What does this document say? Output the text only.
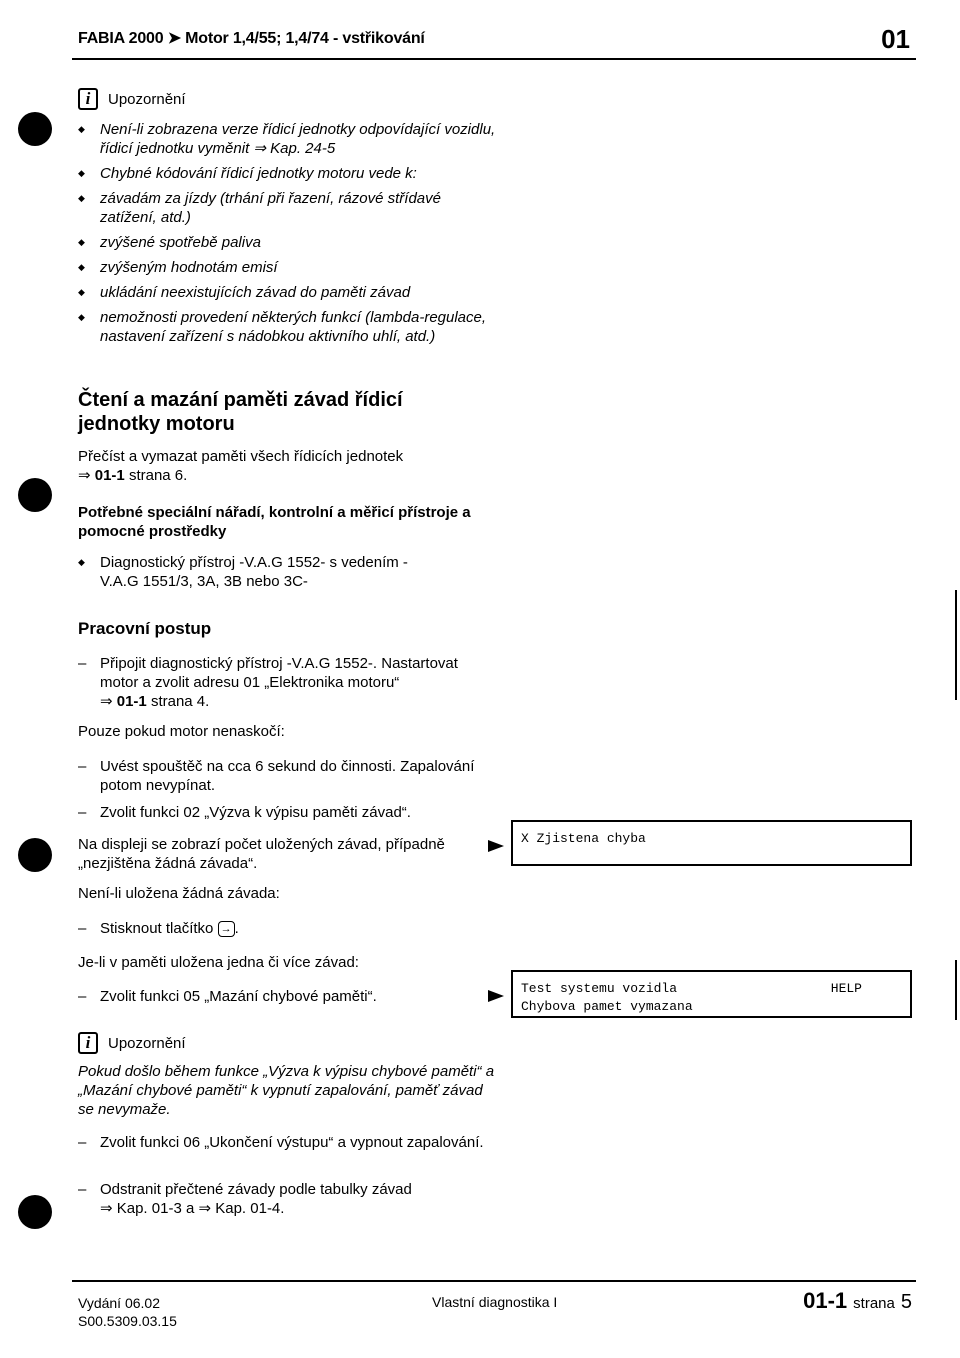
FABIA 2000 ➤ Motor 1,4/55; 1,4/74 - vstřikování	01
i	Upozornění
◆ Není-li zobrazena verze řídicí jednotky odpovídající vozidlu, řídicí jednotku vyměnit ⇒ Kap. 24-5
◆ Chybné kódování řídicí jednotky motoru vede k:
◆ závadám za jízdy (trhání při řazení, rázové střídavé zatížení, atd.)
◆ zvýšené spotřebě paliva
◆ zvýšeným hodnotám emisí
◆ ukládání neexistujících závad do paměti závad
◆ nemožnosti provedení některých funkcí (lambda-regulace, nastavení zařízení s nádobkou aktivního uhlí, atd.)
Čtení a mazání paměti závad řídicí jednotky motoru
Přečíst a vymazat paměti všech řídicích jednotek
⇒ 01-1 strana 6.
Potřebné speciální nářadí, kontrolní a měřicí přístroje a pomocné prostředky
◆ Diagnostický přístroj -V.A.G 1552- s vedením -V.A.G 1551/3, 3A, 3B nebo 3C-
Pracovní postup
– Připojit diagnostický přístroj -V.A.G 1552-. Nastartovat motor a zvolit adresu 01 „Elektronika motoru“
⇒ 01-1 strana 4.
Pouze pokud motor nenaskočí:
– Uvést spouštěč na cca 6 sekund do činnosti. Zapalování potom nevypínat.
– Zvolit funkci 02 „Výzva k výpisu paměti závad“.
Na displeji se zobrazí počet uložených závad, případně „nezjištěna žádná závada“.
X Zjistena chyba
Není-li uložena žádná závada:
– Stisknout tlačítko → .
Je-li v paměti uložena jedna či více závad:
– Zvolit funkci 05 „Mazání chybové paměti“.	Test systemu vozidla	HELP
Chybova pamet vymazana
i	Upozornění
Pokud došlo během funkce „Výzva k výpisu chybové paměti“ a „Mazání chybové paměti“ k vypnutí zapalování, paměť závad se nevymaže.
– Zvolit funkci 06 „Ukončení výstupu“ a vypnout zapalování.
– Odstranit přečtené závady podle tabulky závad
⇒ Kap. 01-3 a ⇒ Kap. 01-4.
Vydání 06.02
S00.5309.03.15
Vlastní diagnostika I	01-1 strana 5
